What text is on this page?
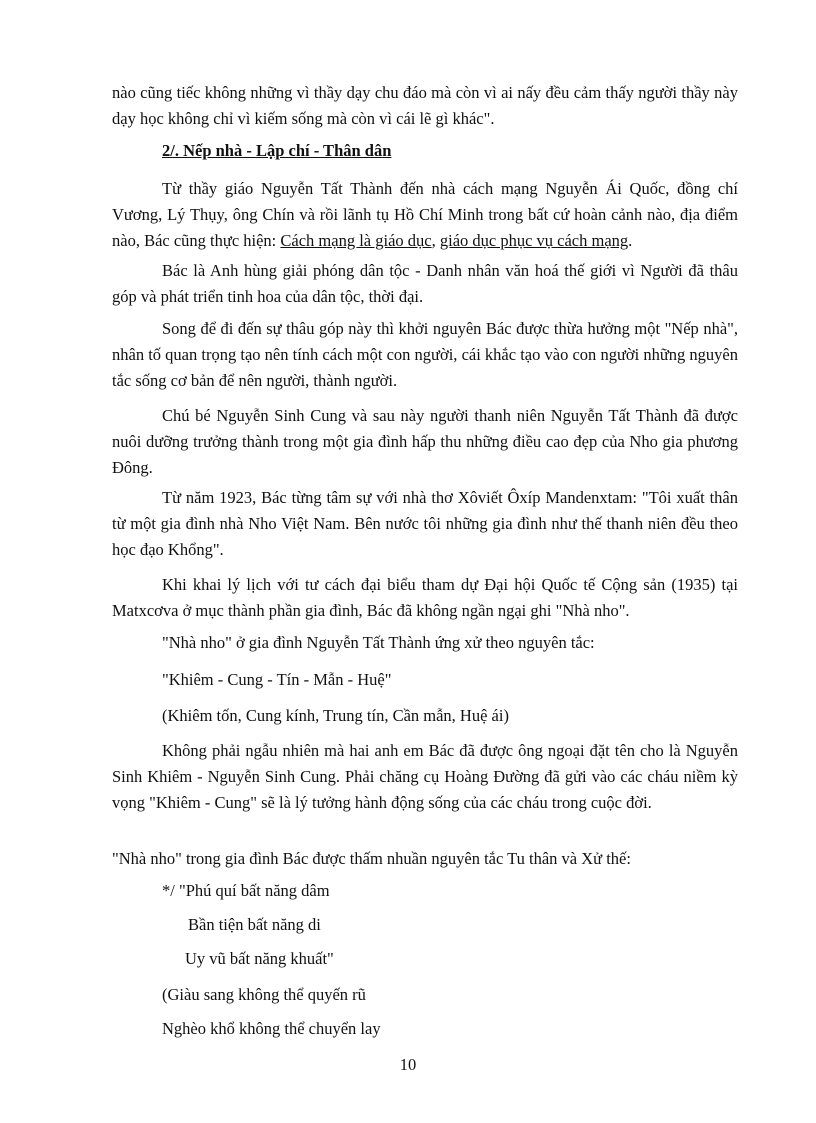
nào cũng tiếc không những vì thầy dạy chu đáo mà còn vì ai nấy đều cảm thấy người thầy này dạy học không chỉ vì kiếm sống mà còn vì cái lẽ gì khác".
2/. Nếp nhà - Lập chí - Thân dân
Từ thầy giáo Nguyễn Tất Thành đến nhà cách mạng Nguyễn Ái Quốc, đồng chí Vương, Lý Thụy, ông Chín và rồi lãnh tụ Hồ Chí Minh trong bất cứ hoàn cảnh nào, địa điểm nào, Bác cũng thực hiện: Cách mạng là giáo dục, giáo dục phục vụ cách mạng.
Bác là Anh hùng giải phóng dân tộc - Danh nhân văn hoá thế giới vì Người đã thâu góp và phát triển tinh hoa của dân tộc, thời đại.
Song để đi đến sự thâu góp này thì khởi nguyên Bác được thừa hưởng một "Nếp nhà", nhân tố quan trọng tạo nên tính cách một con người, cái khắc tạo vào con người những nguyên tắc sống cơ bản để nên người, thành người.
Chú bé Nguyễn Sinh Cung và sau này người thanh niên Nguyễn Tất Thành đã được nuôi dưỡng trưởng thành trong một gia đình hấp thu những điều cao đẹp của Nho gia phương Đông.
Từ năm 1923, Bác từng tâm sự với nhà thơ Xôviết Ôxíp Mandenxtam: "Tôi xuất thân từ một gia đình nhà Nho Việt Nam. Bên nước tôi những gia đình như thế thanh niên đều theo học đạo Khổng".
Khi khai lý lịch với tư cách đại biểu tham dự Đại hội Quốc tế Cộng sản (1935) tại Matxcơva ở mục thành phần gia đình, Bác đã không ngần ngại ghi "Nhà nho".
"Nhà nho" ở gia đình Nguyễn Tất Thành ứng xử theo nguyên tắc:
"Khiêm - Cung - Tín - Mẫn - Huệ"
(Khiêm tốn, Cung kính, Trung tín, Cần mẫn, Huệ ái)
Không phải ngẫu nhiên mà hai anh em Bác đã được ông ngoại đặt tên cho là Nguyễn Sinh Khiêm - Nguyễn Sinh Cung. Phải chăng cụ Hoàng Đường đã gửi vào các cháu niềm kỳ vọng "Khiêm - Cung" sẽ là lý tưởng hành động sống của các cháu trong cuộc đời.
"Nhà nho" trong gia đình Bác được thấm nhuần nguyên tắc Tu thân và Xử thế:
*/ "Phú quí bất năng dâm
Bần tiện bất năng di
Uy vũ bất năng khuất"
(Giàu sang không thể quyến rũ
Nghèo khổ không thể chuyển lay
10
